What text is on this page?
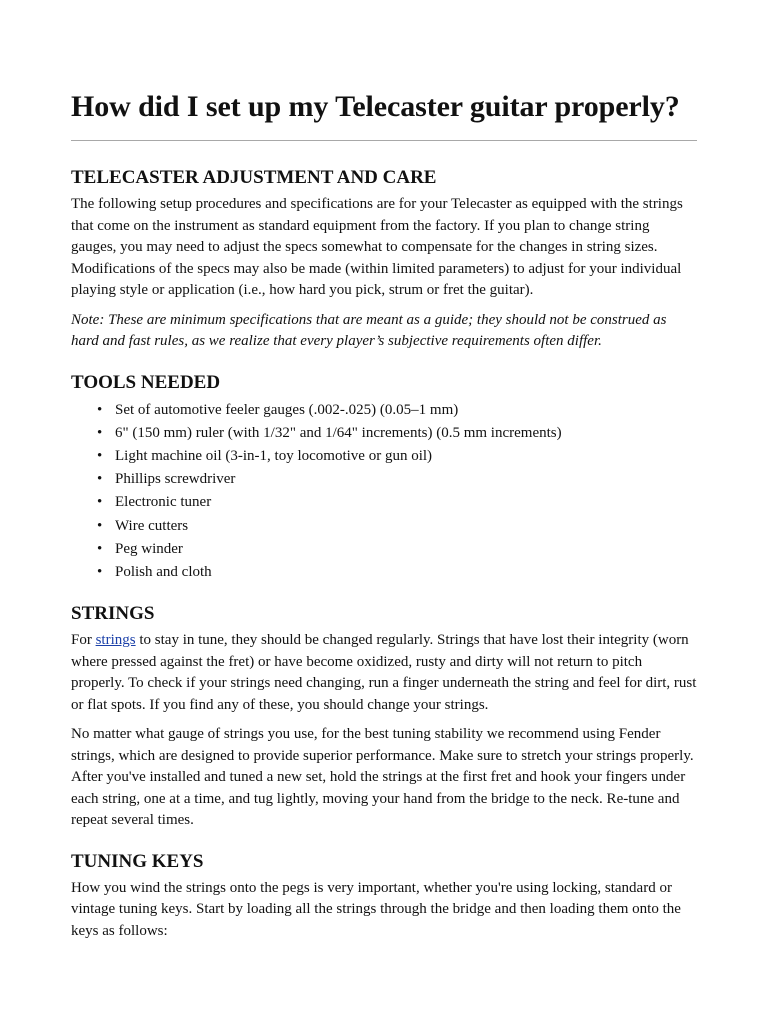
How did I set up my Telecaster guitar properly?
TELECASTER ADJUSTMENT AND CARE

The following setup procedures and specifications are for your Telecaster as equipped with the strings that come on the instrument as standard equipment from the factory. If you plan to change string gauges, you may need to adjust the specs somewhat to compensate for the changes in string sizes. Modifications of the specs may also be made (within limited parameters) to adjust for your individual playing style or application (i.e., how hard you pick, strum or fret the guitar).

Note: These are minimum specifications that are meant as a guide; they should not be construed as hard and fast rules, as we realize that every player’s subjective requirements often differ.

TOOLS NEEDED
• Set of automotive feeler gauges (.002-.025) (0.05–1 mm)
• 6" (150 mm) ruler (with 1/32" and 1/64" increments) (0.5 mm increments)
• Light machine oil (3-in-1, toy locomotive or gun oil)
• Phillips screwdriver
• Electronic tuner
• Wire cutters
• Peg winder
• Polish and cloth
STRINGS

For strings to stay in tune, they should be changed regularly. Strings that have lost their integrity (worn where pressed against the fret) or have become oxidized, rusty and dirty will not return to pitch properly. To check if your strings need changing, run a finger underneath the string and feel for dirt, rust or flat spots. If you find any of these, you should change your strings.

No matter what gauge of strings you use, for the best tuning stability we recommend using Fender strings, which are designed to provide superior performance. Make sure to stretch your strings properly. After you've installed and tuned a new set, hold the strings at the first fret and hook your fingers under each string, one at a time, and tug lightly, moving your hand from the bridge to the neck. Re-tune and repeat several times.

TUNING KEYS

How you wind the strings onto the pegs is very important, whether you're using locking, standard or vintage tuning keys. Start by loading all the strings through the bridge and then loading them onto the keys as follows:
